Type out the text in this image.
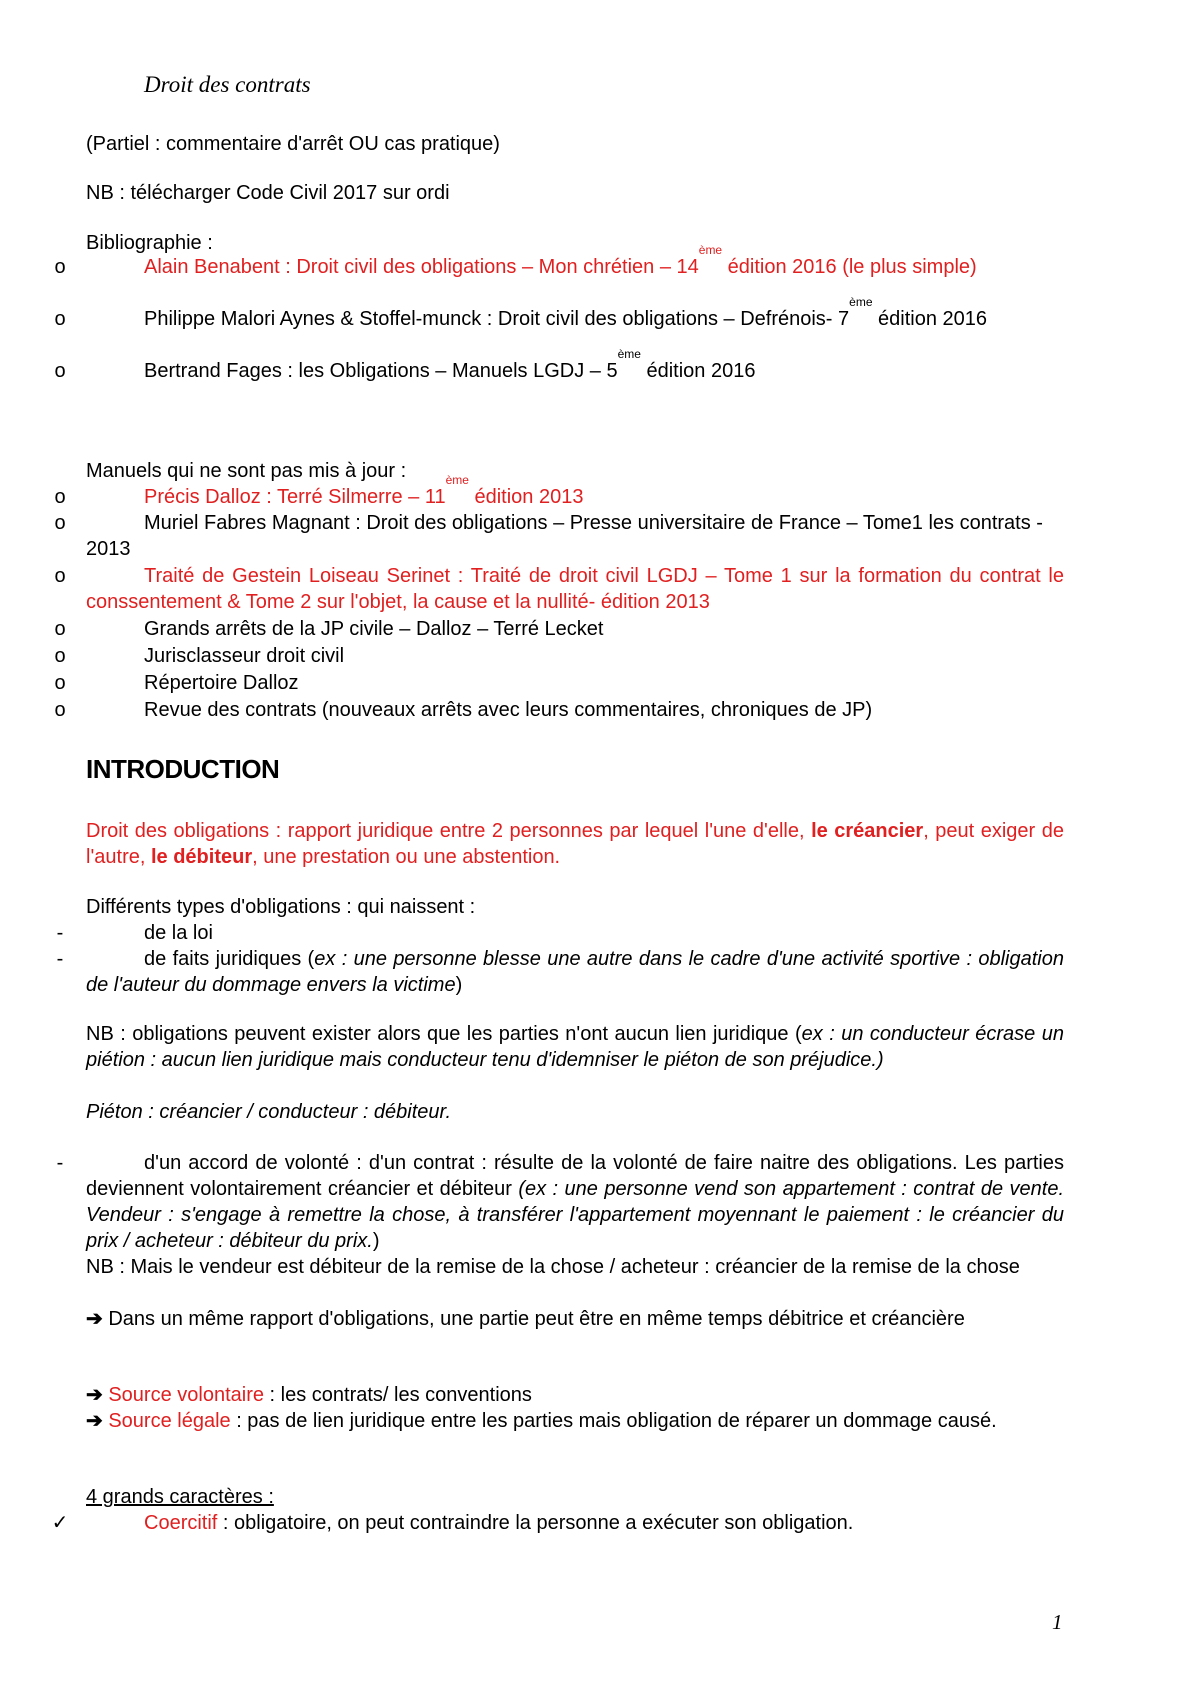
Droit des contrats
(Partiel : commentaire d'arrêt OU cas pratique)
NB : télécharger Code Civil 2017 sur ordi
Bibliographie :
o	Alain Benabent : Droit civil des obligations – Mon chrétien – 14ème édition 2016 (le plus simple)
o	Philippe Malori Aynes & Stoffel-munck : Droit civil des obligations – Defrénois- 7ème édition 2016
o	Bertrand Fages : les Obligations – Manuels LGDJ – 5ème édition 2016
Manuels qui ne sont pas mis à jour :
o	Précis Dalloz : Terré Silmerre – 11ème édition 2013
o	Muriel Fabres Magnant : Droit des obligations – Presse universitaire de France – Tome1 les contrats - 2013
o	Traité de Gestein Loiseau Serinet : Traité de droit civil LGDJ – Tome 1 sur la formation du contrat le conssentement & Tome 2 sur l'objet, la cause et la nullité- édition 2013
o	Grands arrêts de la JP civile – Dalloz – Terré Lecket
o	Jurisclasseur droit civil
o	Répertoire Dalloz
o	Revue des contrats (nouveaux arrêts avec leurs commentaires, chroniques de JP)
INTRODUCTION
Droit des obligations : rapport juridique entre 2 personnes par lequel l'une d'elle, le créancier, peut exiger de l'autre, le débiteur, une prestation ou une abstention.
Différents types d'obligations : qui naissent :
-	de la loi
-	de faits juridiques (ex : une personne blesse une autre dans le cadre d'une activité sportive : obligation de l'auteur du dommage envers la victime)
NB : obligations peuvent exister alors que les parties n'ont aucun lien juridique (ex : un conducteur écrase un piétion : aucun lien juridique mais conducteur tenu d'idemniser le piéton de son préjudice.)
Piéton : créancier / conducteur : débiteur.
-	d'un accord de volonté : d'un contrat : résulte de la volonté de faire naitre des obligations. Les parties deviennent volontairement créancier et débiteur (ex : une personne vend son appartement : contrat de vente. Vendeur : s'engage à remettre la chose, à transférer l'appartement moyennant le paiement : le créancier du prix / acheteur : débiteur du prix.)
NB : Mais le vendeur est débiteur de la remise de la chose / acheteur : créancier de la remise de la chose
➔ Dans un même rapport d'obligations, une partie peut être en même temps débitrice et créancière
➔ Source volontaire : les contrats/ les conventions
➔ Source légale : pas de lien juridique entre les parties mais obligation de réparer un dommage causé.
4 grands caractères :
✓	Coercitif : obligatoire, on peut contraindre la personne a exécuter son obligation.
1
